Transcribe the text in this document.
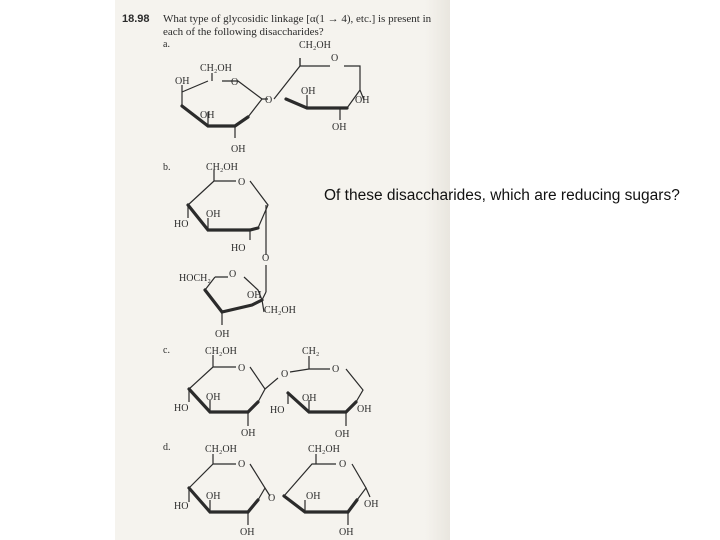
18.98 What type of glycosidic linkage [α(1 → 4), etc.] is present in
each of the following disaccharides?
a.
CH₂OH
CH₂OH
OH	O
O
OH
OH
OH
OH
OH
O
b.	CH₂OH
O
OH
HO
HO
O
HOCH₂ O
OH
CH₂OH
OH
c.	CH₂OH
O
CH₂
O	O
OH
HO
OH
HO
OH
OH
OH
d.	CH₂OH
O
CH₂OH
O
O
OH
HO
OH
OH
OH
OH
Of these disaccharides, which are reducing sugars?
